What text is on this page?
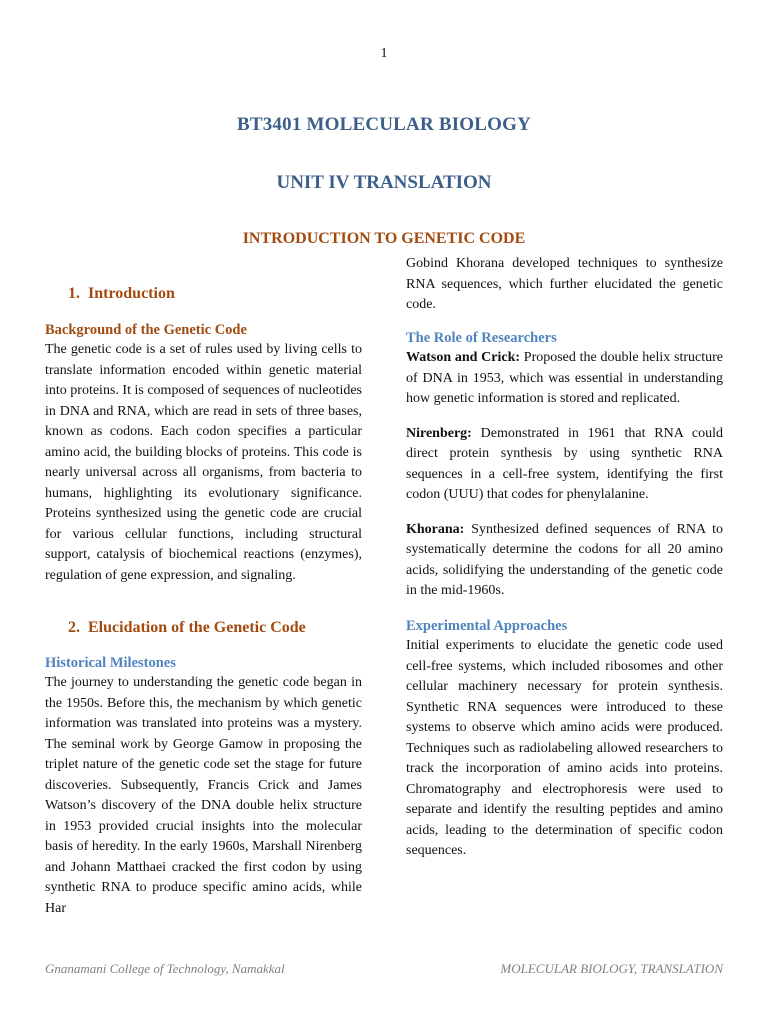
1
BT3401 MOLECULAR BIOLOGY
UNIT IV TRANSLATION
INTRODUCTION TO GENETIC CODE
1. Introduction
Background of the Genetic Code

The genetic code is a set of rules used by living cells to translate information encoded within genetic material into proteins. It is composed of sequences of nucleotides in DNA and RNA, which are read in sets of three bases, known as codons. Each codon specifies a particular amino acid, the building blocks of proteins. This code is nearly universal across all organisms, from bacteria to humans, highlighting its evolutionary significance. Proteins synthesized using the genetic code are crucial for various cellular functions, including structural support, catalysis of biochemical reactions (enzymes), regulation of gene expression, and signaling.

2. Elucidation of the Genetic Code
Historical Milestones

The journey to understanding the genetic code began in the 1950s. Before this, the mechanism by which genetic information was translated into proteins was a mystery. The seminal work by George Gamow in proposing the triplet nature of the genetic code set the stage for future discoveries. Subsequently, Francis Crick and James Watson’s discovery of the DNA double helix structure in 1953 provided crucial insights into the molecular basis of heredity. In the early 1960s, Marshall Nirenberg and Johann Matthaei cracked the first codon by using synthetic RNA to produce specific amino acids, while Har

Gobind Khorana developed techniques to synthesize RNA sequences, which further elucidated the genetic code.

The Role of Researchers

Watson and Crick: Proposed the double helix structure of DNA in 1953, which was essential in understanding how genetic information is stored and replicated.

Nirenberg: Demonstrated in 1961 that RNA could direct protein synthesis by using synthetic RNA sequences in a cell-free system, identifying the first codon (UUU) that codes for phenylalanine.

Khorana: Synthesized defined sequences of RNA to systematically determine the codons for all 20 amino acids, solidifying the understanding of the genetic code in the mid-1960s.

Experimental Approaches

Initial experiments to elucidate the genetic code used cell-free systems, which included ribosomes and other cellular machinery necessary for protein synthesis. Synthetic RNA sequences were introduced to these systems to observe which amino acids were produced. Techniques such as radiolabeling allowed researchers to track the incorporation of amino acids into proteins. Chromatography and electrophoresis were used to separate and identify the resulting peptides and amino acids, leading to the determination of specific codon sequences.

Gnanamani College of Technology, Namakkal	MOLECULAR BIOLOGY, TRANSLATION
